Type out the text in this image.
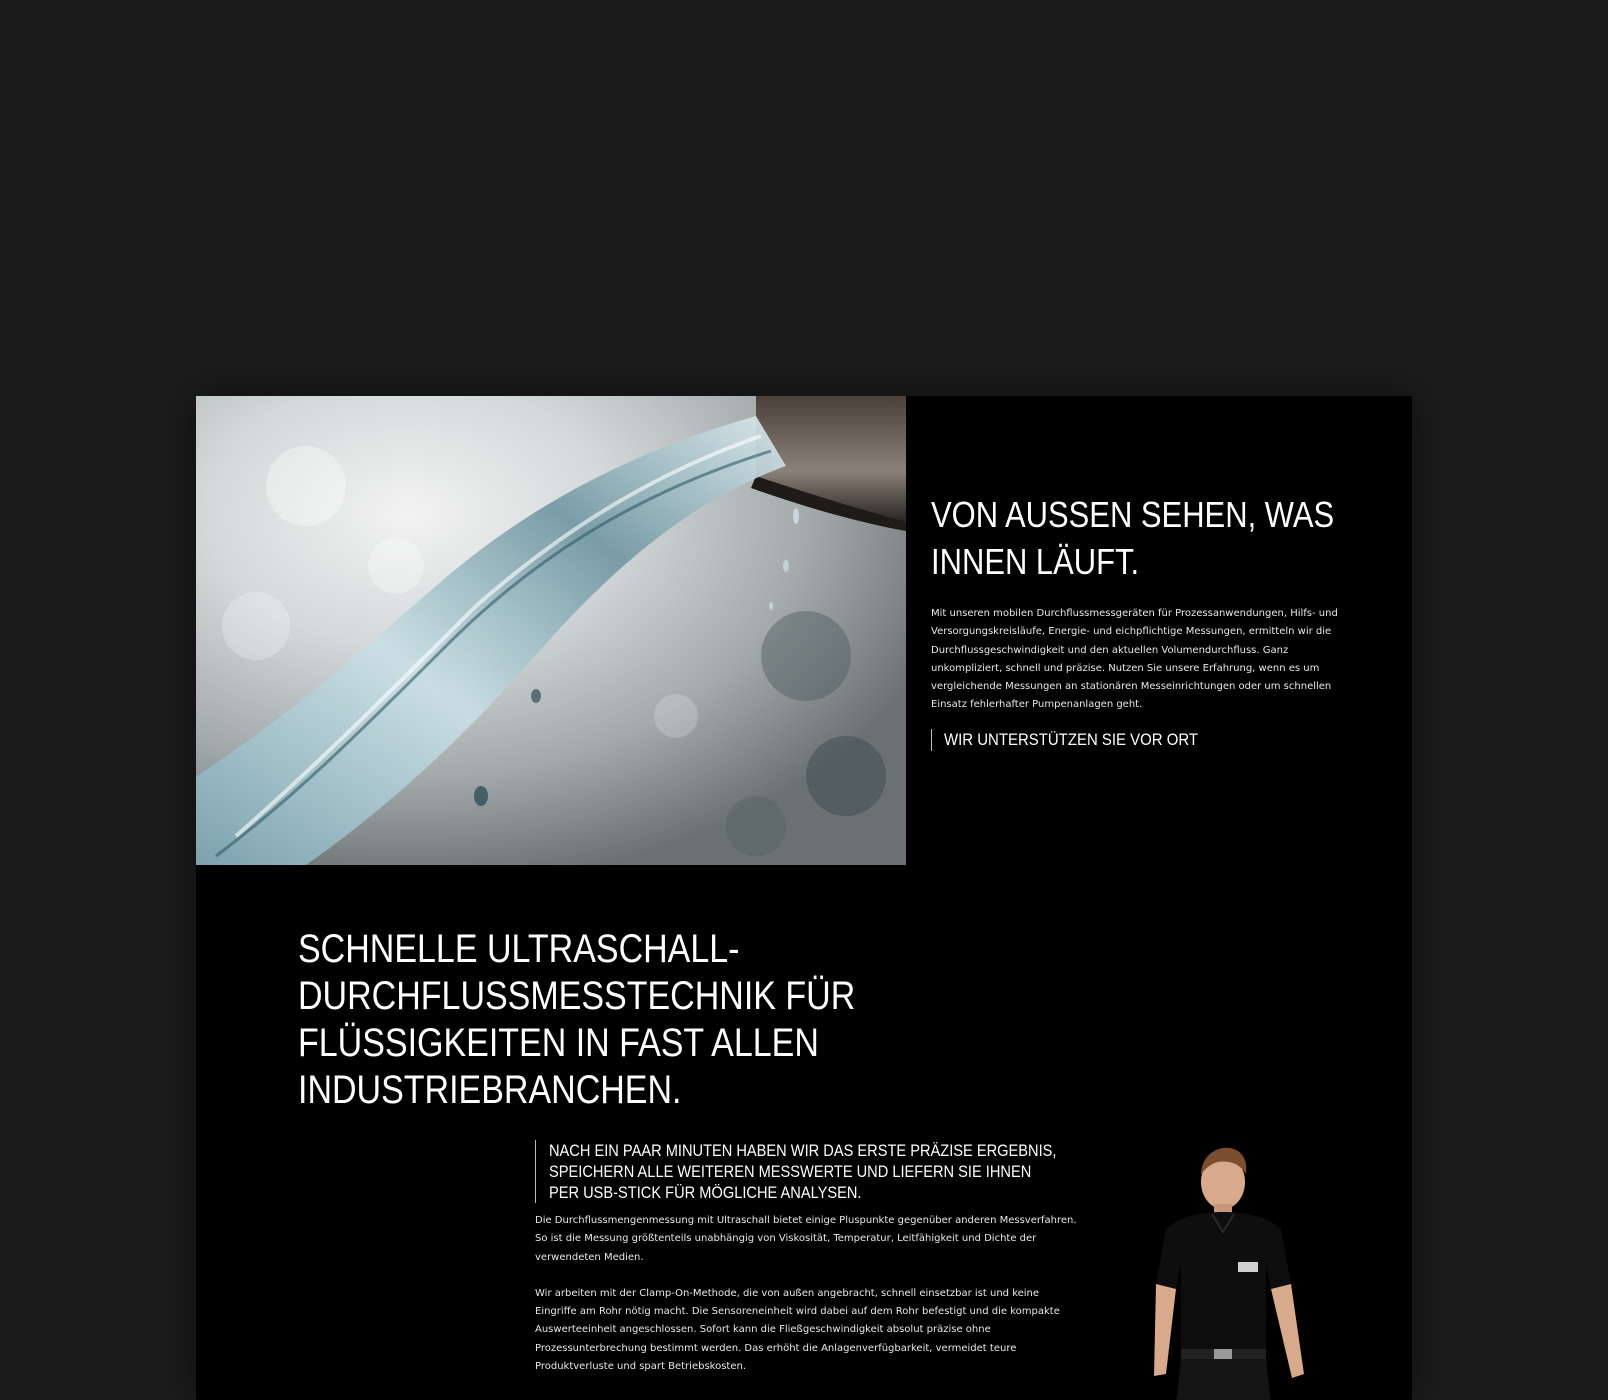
VON AUSSEN SEHEN, WAS INNEN LÄUFT.

Mit unseren mobilen Durchflussmessgeräten für Prozessanwendungen, Hilfs- und Versorgungskreisläufe, Energie- und eichpflichtige Messungen, ermitteln wir die Durchflussgeschwindigkeit und den aktuellen Volumendurchfluss. Ganz unkompliziert, schnell und präzise. Nutzen Sie unsere Erfahrung, wenn es um vergleichende Messungen an stationären Messeinrichtungen oder um schnellen Einsatz fehlerhafter Pumpenanlagen geht.

WIR UNTERSTÜTZEN SIE VOR ORT
SCHNELLE ULTRASCHALL-DURCHFLUSSMESSTECHNIK FÜR FLÜSSIGKEITEN IN FAST ALLEN INDUSTRIEBRANCHEN.
NACH EIN PAAR MINUTEN HABEN WIR DAS ERSTE PRÄZISE ERGEBNIS, SPEICHERN ALLE WEITEREN MESSWERTE UND LIEFERN SIE IHNEN PER USB-STICK FÜR MÖGLICHE ANALYSEN.

Die Durchflussmengenmessung mit Ultraschall bietet einige Pluspunkte gegenüber anderen Messverfahren. So ist die Messung größtenteils unabhängig von Viskosität, Temperatur, Leitfähigkeit und Dichte der verwendeten Medien.

Wir arbeiten mit der Clamp-On-Methode, die von außen angebracht, schnell einsetzbar ist und keine Eingriffe am Rohr nötig macht. Die Sensoreneinheit wird dabei auf dem Rohr befestigt und die kompakte Auswerteeinheit angeschlossen. Sofort kann die Fließgeschwindigkeit absolut präzise ohne Prozessunterbrechung bestimmt werden. Das erhöht die Anlagenverfügbarkeit, vermeidet teure Produktverluste und spart Betriebskosten.
